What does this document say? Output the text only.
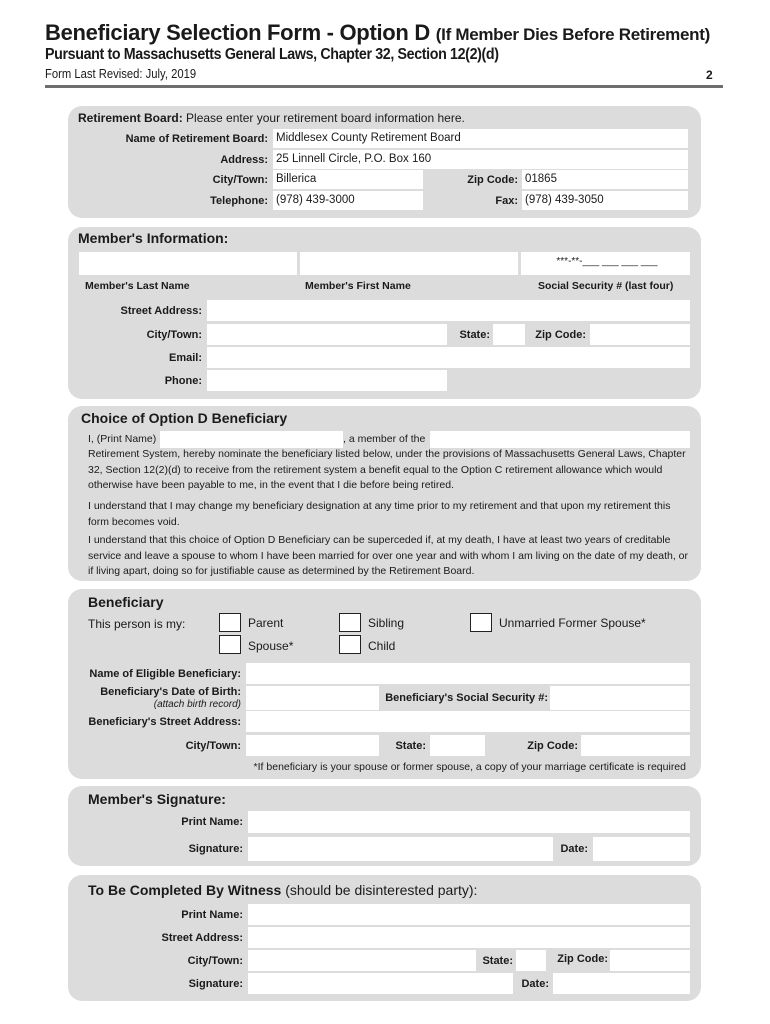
Beneficiary Selection Form - Option D (If Member Dies Before Retirement)
Pursuant to Massachusetts General Laws, Chapter 32, Section 12(2)(d)
Form Last Revised: July, 2019	2
Retirement Board: Please enter your retirement board information here.
Name of Retirement Board: Middlesex County Retirement Board
Address: 25 Linnell Circle, P.O. Box 160
City/Town: Billerica	Zip Code: 01865
Telephone: (978) 439-3000	Fax: (978) 439-3050
Member's Information:
***-**-___ ___ ___ ___
Member's Last Name	Member's First Name	Social Security # (last four)
Street Address:
City/Town:	State:	Zip Code:
Email:
Phone:
Choice of Option D Beneficiary
I, (Print Name)	, a member of the
Retirement System, hereby nominate the beneficiary listed below, under the provisions of Massachusetts General Laws, Chapter 32, Section 12(2)(d) to receive from the retirement system a benefit equal to the Option C retirement allowance which would otherwise have been payable to me, in the event that I die before being retired.
I understand that I may change my beneficiary designation at any time prior to my retirement and that upon my retirement this form becomes void.
I understand that this choice of Option D Beneficiary can be superceded if, at my death, I have at least two years of creditable service and leave a spouse to whom I have been married for over one year and with whom I am living on the date of my death, or if living apart, doing so for justifiable cause as determined by the Retirement Board.
Beneficiary
This person is my:	Parent
Spouse*
Sibling
Child
Unmarried Former Spouse*
Name of Eligible Beneficiary:
Beneficiary's Date of Birth:
(attach birth record)
Beneficiary's Social Security #:
Beneficiary's Street Address:
City/Town:	State:	Zip Code:
*If beneficiary is your spouse or former spouse, a copy of your marriage certificate is required
Member's Signature:
Print Name:
Signature:	Date:
To Be Completed By Witness (should be disinterested party):
Print Name:
Street Address:
City/Town:	State:	Zip Code:
Signature:	Date:
